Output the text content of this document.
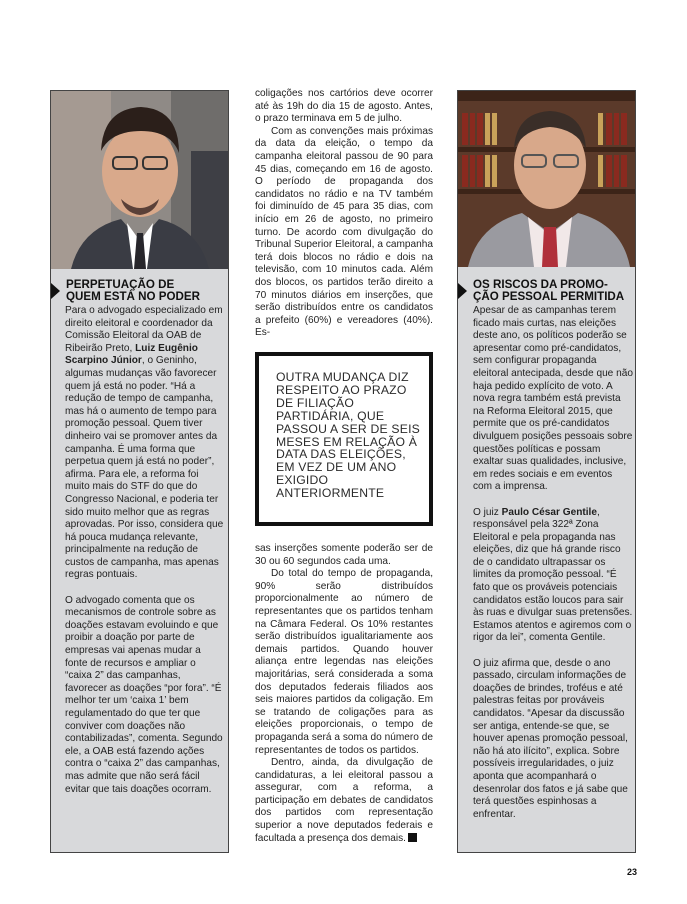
PERPETUAÇÃO DE
QUEM ESTÁ NO PODER

Para o advogado especializado em direito eleitoral e coordenador da Comissão Eleitoral da OAB de Ribeirão Preto, Luiz Eugênio Scarpino Júnior, o Geninho, algumas mudanças vão favorecer quem já está no poder. “Há a redução de tempo de campanha, mas há o aumento de tempo para promoção pessoal. Quem tiver dinheiro vai se promover antes da campanha. É uma forma que perpetua quem já está no poder”, afirma. Para ele, a reforma foi muito mais do STF do que do Congresso Nacional, e poderia ter sido muito melhor que as regras aprovadas. Por isso, considera que há pouca mudança relevante, principalmente na redução de custos de campanha, mas apenas regras pontuais.

O advogado comenta que os mecanismos de controle sobre as doações estavam evoluindo e que proibir a doação por parte de empresas vai apenas mudar a fonte de recursos e ampliar o “caixa 2” das campanhas, favorecer as doações “por fora”. “É melhor ter um ‘caixa 1’ bem regulamentado do que ter que conviver com doações não contabilizadas”, comenta. Segundo ele, a OAB está fazendo ações contra o “caixa 2” das campanhas, mas admite que não será fácil evitar que tais doações ocorram.

coligações nos cartórios deve ocorrer até às 19h do dia 15 de agosto. Antes, o prazo terminava em 5 de julho.

Com as convenções mais próximas da data da eleição, o tempo da campanha eleitoral passou de 90 para 45 dias, começando em 16 de agosto. O período de propaganda dos candidatos no rádio e na TV também foi diminuído de 45 para 35 dias, com início em 26 de agosto, no primeiro turno. De acordo com divulgação do Tribunal Superior Eleitoral, a campanha terá dois blocos no rádio e dois na televisão, com 10 minutos cada. Além dos blocos, os partidos terão direito a 70 minutos diários em inserções, que serão distribuídos entre os candidatos a prefeito (60%) e vereadores (40%). Es-

OUTRA MUDANÇA DIZ RESPEITO AO PRAZO DE FILIAÇÃO PARTIDÁRIA, QUE PASSOU A SER DE SEIS MESES EM RELAÇÃO À DATA DAS ELEIÇÕES, EM VEZ DE UM ANO EXIGIDO ANTERIORMENTE

sas inserções somente poderão ser de 30 ou 60 segundos cada uma.

Do total do tempo de propaganda, 90% serão distribuídos proporcionalmente ao número de representantes que os partidos tenham na Câmara Federal. Os 10% restantes serão distribuídos igualitariamente aos demais partidos. Quando houver aliança entre legendas nas eleições majoritárias, será considerada a soma dos deputados federais filiados aos seis maiores partidos da coligação. Em se tratando de coligações para as eleições proporcionais, o tempo de propaganda será a soma do número de representantes de todos os partidos.

Dentro, ainda, da divulgação de candidaturas, a lei eleitoral passou a assegurar, com a reforma, a participação em debates de candidatos dos partidos com representação superior a nove deputados federais e facultada a presença dos demais.

OS RISCOS DA PROMO-
ÇÃO PESSOAL PERMITIDA

Apesar de as campanhas terem ficado mais curtas, nas eleições deste ano, os políticos poderão se apresentar como pré-candidatos, sem configurar propaganda eleitoral antecipada, desde que não haja pedido explícito de voto. A nova regra também está prevista na Reforma Eleitoral 2015, que permite que os pré-candidatos divulguem posições pessoais sobre questões políticas e possam exaltar suas qualidades, inclusive, em redes sociais e em eventos com a imprensa.

O juiz Paulo César Gentile, responsável pela 322ª Zona Eleitoral e pela propaganda nas eleições, diz que há grande risco de o candidato ultrapassar os limites da promoção pessoal. “É fato que os prováveis potenciais candidatos estão loucos para sair às ruas e divulgar suas pretensões. Estamos atentos e agiremos com o rigor da lei”, comenta Gentile.

O juiz afirma que, desde o ano passado, circulam informações de doações de brindes, troféus e até palestras feitas por prováveis candidatos. “Apesar da discussão ser antiga, entende-se que, se houver apenas promoção pessoal, não há ato ilícito”, explica. Sobre possíveis irregularidades, o juiz aponta que acompanhará o desenrolar dos fatos e já sabe que terá questões espinhosas a enfrentar.

23
